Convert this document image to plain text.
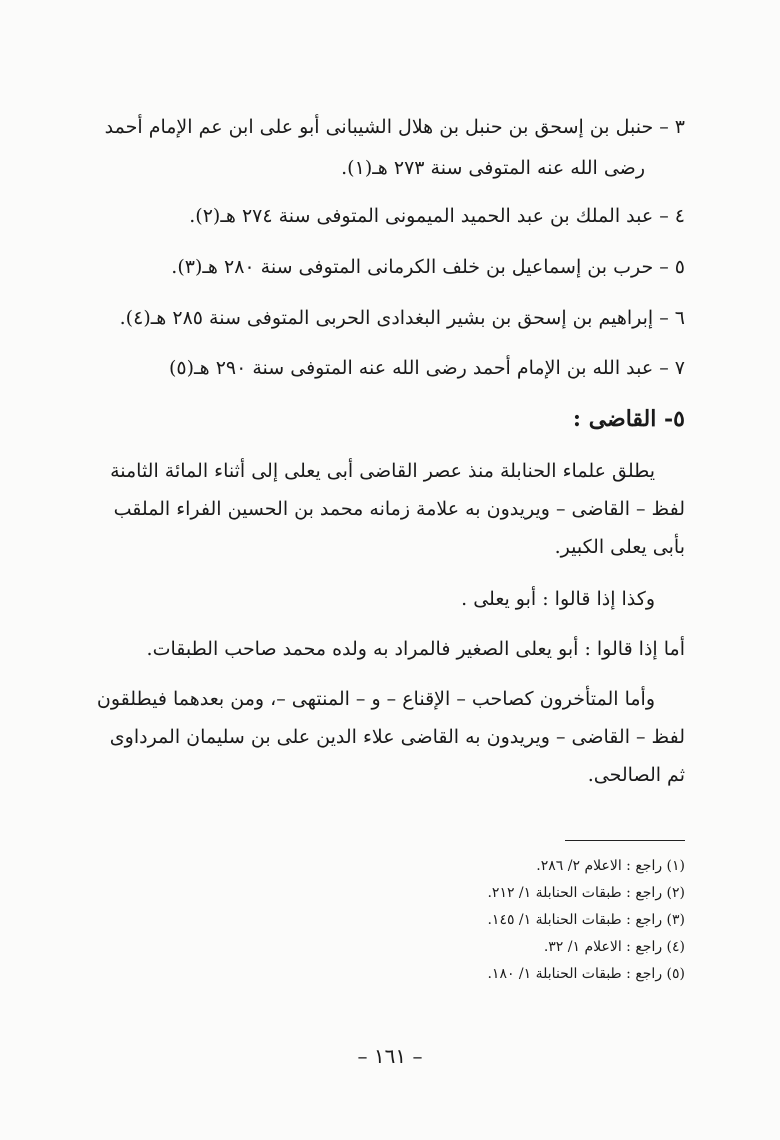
٣ – حنبل بن إسحق بن حنبل بن هلال الشيبانى أبو على ابن عم الإمام أحمد
رضى الله عنه المتوفى سنة ٢٧٣ هـ(١).
٤ – عبد الملك بن عبد الحميد الميمونى المتوفى سنة ٢٧٤ هـ(٢).
٥ – حرب بن إسماعيل بن خلف الكرمانى المتوفى سنة ٢٨٠ هـ(٣).
٦ – إبراهيم بن إسحق بن بشير البغدادى الحربى المتوفى سنة ٢٨٥ هـ(٤).
٧ – عبد الله بن الإمام أحمد رضى الله عنه المتوفى سنة ٢٩٠ هـ(٥)
٥- القاضى :
يطلق علماء الحنابلة منذ عصر القاضى أبى يعلى إلى أثناء المائة الثامنة لفظ – القاضى – ويريدون به علامة زمانه محمد بن الحسين الفراء الملقب بأبى يعلى الكبير.
وكذا إذا قالوا : أبو يعلى .
أما إذا قالوا : أبو يعلى الصغير فالمراد به ولده محمد صاحب الطبقات.
وأما المتأخرون كصاحب – الإقناع – و – المنتهى –، ومن بعدهما فيطلقون لفظ – القاضى – ويريدون به القاضى علاء الدين على بن سليمان المرداوى ثم الصالحى.
(١) راجع : الاعلام ٢/ ٢٨٦.
(٢) راجع : طبقات الحنابلة ١/ ٢١٢.
(٣) راجع : طبقات الحنابلة ١/ ١٤٥.
(٤) راجع : الاعلام ١/ ٣٢.
(٥) راجع : طبقات الحنابلة ١/ ١٨٠.
– ١٦١ –
